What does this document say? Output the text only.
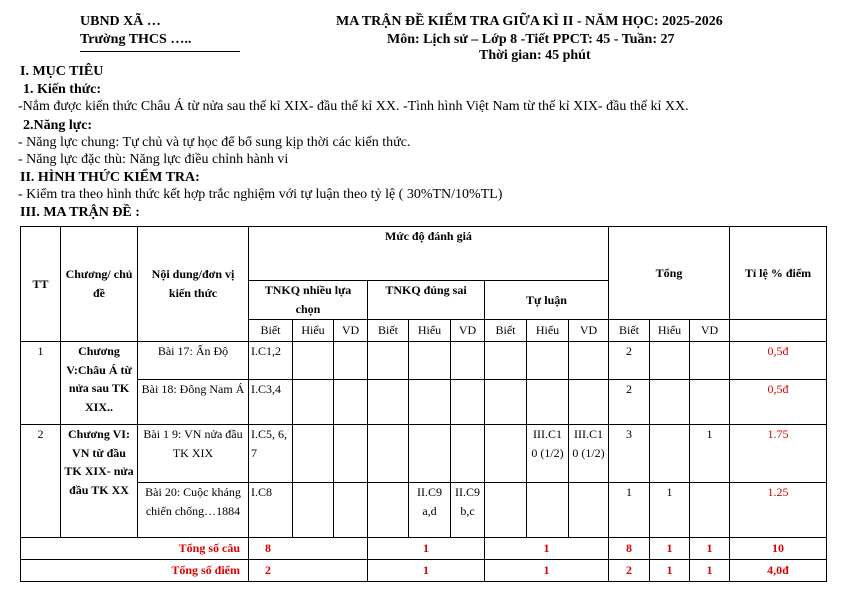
UBND XÃ …
Trường THCS …..
MA TRẬN ĐỀ KIỂM TRA GIỮA KÌ II - NĂM HỌC: 2025-2026
Môn: Lịch sử – Lớp 8 -Tiết PPCT: 45 - Tuần: 27
Thời gian: 45 phút
I. MỤC TIÊU
1. Kiến thức:
-Nắm được kiến thức Châu Á từ nửa sau thế kỉ XIX- đầu thế kỉ XX. -Tình hình Việt Nam từ thế kỉ XIX- đầu thế kỉ XX.
2.Năng lực:
- Năng lực chung: Tự chủ và tự học để bổ sung kịp thời các kiến thức.
- Năng lực đặc thù: Năng lực điều chỉnh hành vi
II. HÌNH THỨC KIỂM TRA:
- Kiểm tra theo hình thức kết hợp trắc nghiệm với tự luận theo tỷ lệ ( 30%TN/10%TL)
III. MA TRẬN ĐỀ :
TT	Chương/ chủ đề	Nội dung/đơn vị kiến thức	Mức độ đánh giá									Tổng			Tỉ lệ % điểm
			TNKQ nhiều lựa chọn			TNKQ đúng sai			Tự luận						
			Biết	Hiểu	VD	Biết	Hiểu	VD	Biết	Hiểu	VD	Biết	Hiểu	VD	
1	Chương V:Châu Á từ nửa sau TK XIX..	Bài 17: Ấn Độ	I.C1,2									2			0,5đ
		Bài 18: Đông Nam Á	I.C3,4									2			0,5đ
2	Chương VI: VN từ đầu TK XIX- nửa đầu TK XX	Bài 1 9: VN nửa đầu TK XIX	I.C5, 6,7							III.C1 0 (1/2)	III.C1 0 (1/2)	3		1	1.75
		Bài 20: Cuộc kháng chiến chống…1884	I.C8				II.C9 a,d	II.C9 b,c				1	1		1.25
Tổng số câu			8			1			1			8	1	1	10
Tổng số điểm			2			1			1			2	1	1	4,0đ
